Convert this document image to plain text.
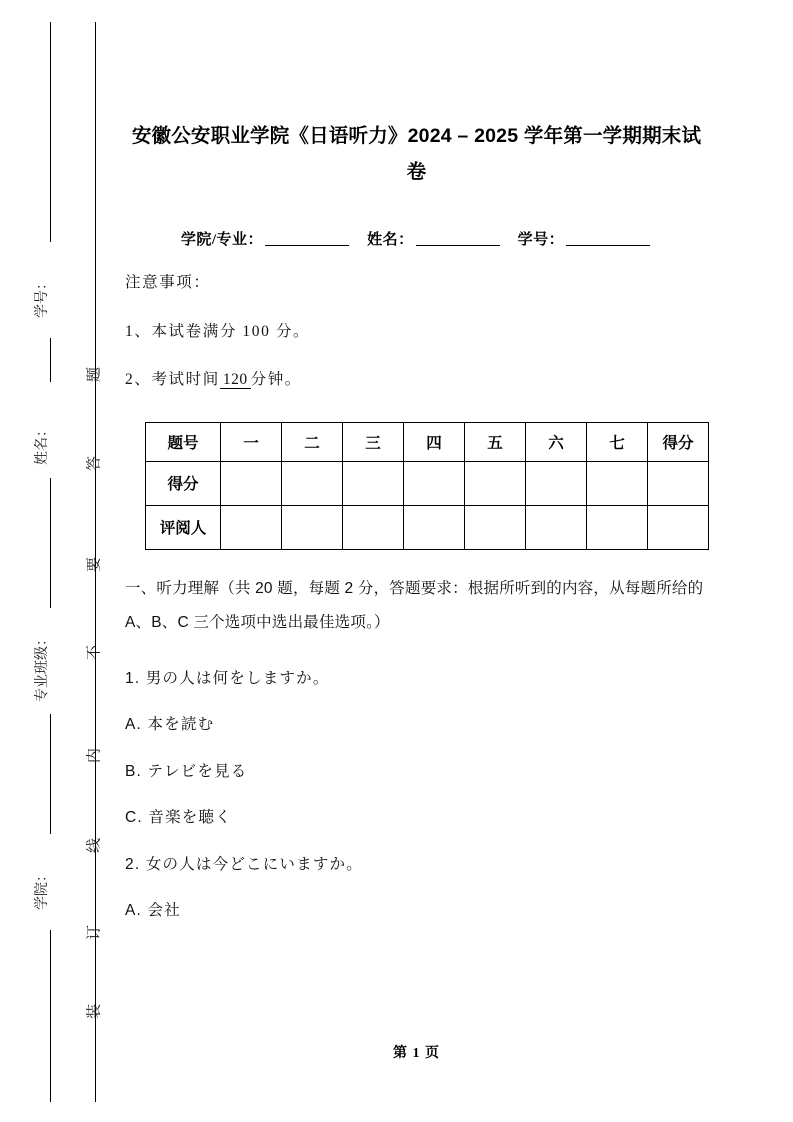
学号：
姓名：
专业班级：
学院：
题
答
要
不
内
线
订
装
安徽公安职业学院《日语听力》2024 – 2025 学年第一学期期末试卷
学院/专业：	姓名：	学号：
注意事项：
1、本试卷满分 100 分。
2、考试时间 120 分钟。
题号	一	二	三	四	五	六	七	得分
得分								
评阅人								
一、听力理解（共 20 题，每题 2 分，答题要求：根据所听到的内容，从每题所给的 A、B、C 三个选项中选出最佳选项。）
1. 男の人は何をしますか。
A. 本を読む
B. テレビを見る
C. 音楽を聴く
2. 女の人は今どこにいますか。
A. 会社
第 1 页
